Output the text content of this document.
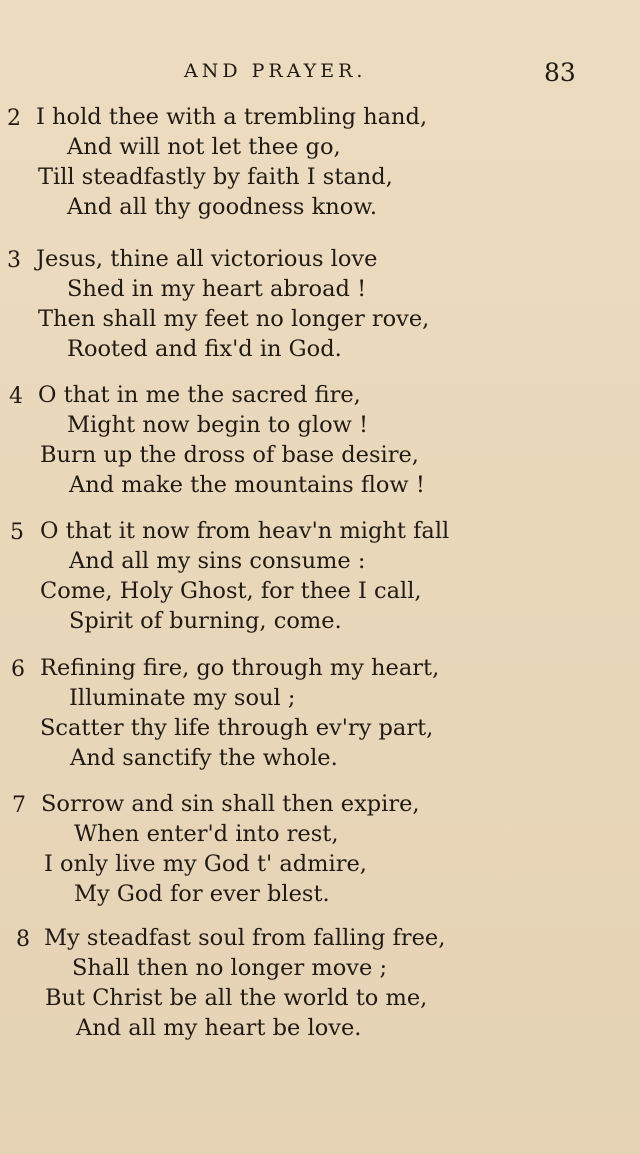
AND PRAYER.	83
2 I hold thee with a trembling hand,
And will not let thee go,
Till steadfastly by faith I stand,
And all thy goodness know.
3 Jesus, thine all victorious love
Shed in my heart abroad !
Then shall my feet no longer rove,
Rooted and fix'd in God.
4 O that in me the sacred fire,
Might now begin to glow !
Burn up the dross of base desire,
And make the mountains flow !
5 O that it now from heav'n might fall
And all my sins consume :
Come, Holy Ghost, for thee I call,
Spirit of burning, come.
6 Refining fire, go through my heart,
Illuminate my soul ;
Scatter thy life through ev'ry part,
And sanctify the whole.
7 Sorrow and sin shall then expire,
When enter'd into rest,
I only live my God t' admire,
My God for ever blest.
8 My steadfast soul from falling free,
Shall then no longer move ;
But Christ be all the world to me,
And all my heart be love.
